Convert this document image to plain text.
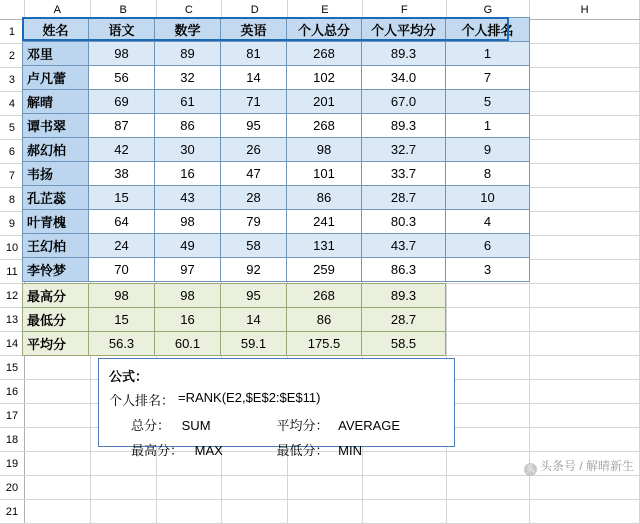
	A	B	C	D	E	F	G	H
1								
2								
3								
4								
5								
6								
7								
8								
9								
10								
11								
12								
13								
14								
15								
16								
17								
18								
19								
20								
21								
姓名	语文	数学	英语	个人总分	个人平均分	个人排名
邓里	98	89	81	268	89.3	1
卢凡蕾	56	32	14	102	34.0	7
解晴	69	61	71	201	67.0	5
谭书翠	87	86	95	268	89.3	1
郝幻柏	42	30	26	98	32.7	9
韦扬	38	16	47	101	33.7	8
孔芷蕊	15	43	28	86	28.7	10
叶青槐	64	98	79	241	80.3	4
王幻柏	24	49	58	131	43.7	6
李怜梦	70	97	92	259	86.3	3
最高分	98	98	95	268	89.3
最低分	15	16	14	86	28.7
平均分	56.3	60.1	59.1	175.5	58.5
公式：
个人排名： =RANK(E2,$E$2:$E$11)
总分： SUM	平均分： AVERAGE
最高分： MAX	最低分： MIN
头 头条号 / 解晴新生
